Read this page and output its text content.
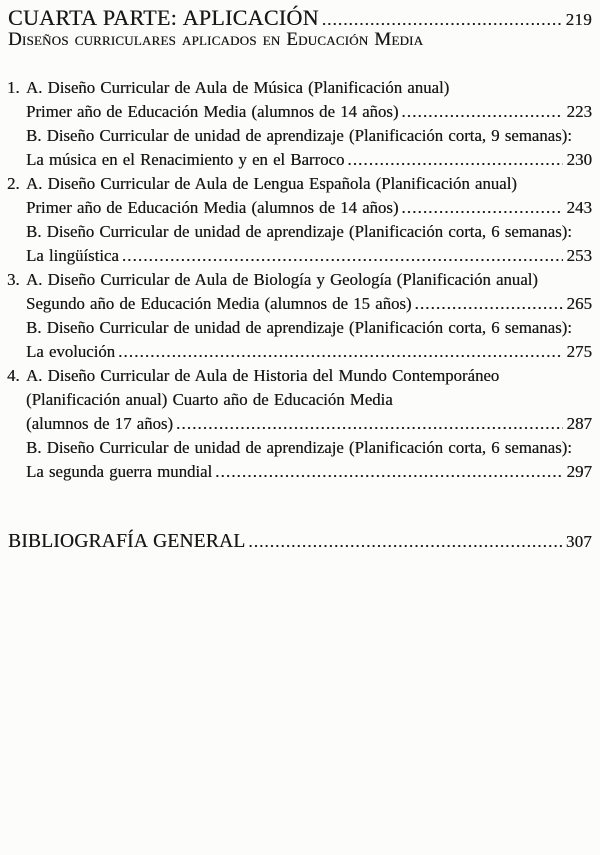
CUARTA PARTE: APLICACIÓN .....	219
Diseños curriculares aplicados en Educación Media
1. A. Diseño Curricular de Aula de Música (Planificación anual)
Primer año de Educación Media (alumnos de 14 años) .....	223
B. Diseño Curricular de unidad de aprendizaje (Planificación corta, 9 semanas):
La música en el Renacimiento y en el Barroco .....	230
2. A. Diseño Curricular de Aula de Lengua Española (Planificación anual)
Primer año de Educación Media (alumnos de 14 años) .....	243
B. Diseño Curricular de unidad de aprendizaje (Planificación corta, 6 semanas):
La lingüística .....	253
3. A. Diseño Curricular de Aula de Biología y Geología (Planificación anual)
Segundo año de Educación Media (alumnos de 15 años) .....	265
B. Diseño Curricular de unidad de aprendizaje (Planificación corta, 6 semanas):
La evolución .....	275
4. A. Diseño Curricular de Aula de Historia del Mundo Contemporáneo
(Planificación anual) Cuarto año de Educación Media
(alumnos de 17 años) .....	287
B. Diseño Curricular de unidad de aprendizaje (Planificación corta, 6 semanas):
La segunda guerra mundial .....	297
BIBLIOGRAFÍA GENERAL .....	307
